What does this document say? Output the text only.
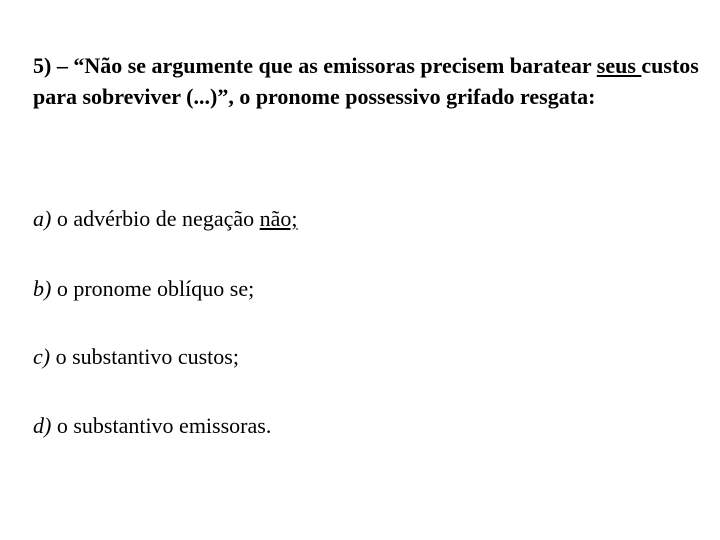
5) – “Não se argumente que as emissoras precisem baratear seus custos para sobreviver (...)”, o pronome possessivo grifado resgata:
a) o advérbio de negação não;
b) o pronome oblíquo se;
c) o substantivo custos;
d) o substantivo emissoras.
